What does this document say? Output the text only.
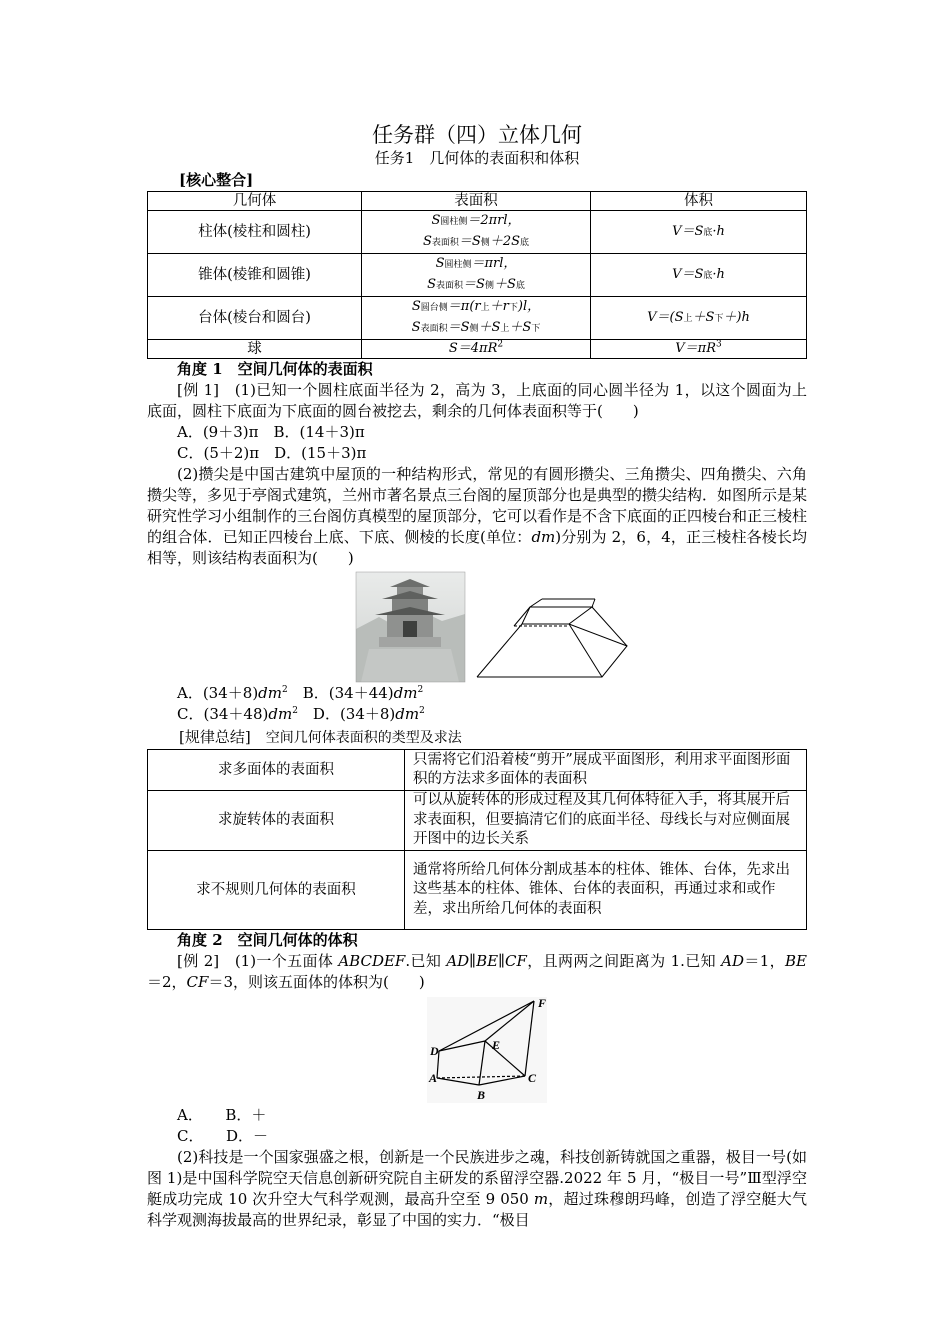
任务群（四）立体几何
任务1　几何体的表面积和体积
[核心整合]
几何体	表面积	体积
柱体(棱柱和圆柱)	S圆柱侧＝2πrl，
S表面积＝S侧＋2S底	V＝S底·h
锥体(棱锥和圆锥)	S圆柱侧＝πrl，
S表面积＝S侧＋S底	V＝S底·h
台体(棱台和圆台)	S圆台侧＝π(r上＋r下)l，
S表面积＝S侧＋S上＋S下	V＝(S上＋S下＋)h
球	$S=4\pi R^2$	$V=\pi R^3$
角度 1　空间几何体的表面积

[例 1]　 (1)已知一个圆柱底面半径为 2，高为 3，上底面的同心圆半径为 1，以这个圆面为上底面，圆柱下底面为下底面的圆台被挖去，剩余的几何体表面积等于(　　)

A．(9＋3)π　B．(14＋3)π
C．(5＋2)π　D．(15＋3)π

(2)攒尖是中国古建筑中屋顶的一种结构形式，常见的有圆形攒尖、三角攒尖、四角攒尖、六角攒尖等，多见于亭阁式建筑，兰州市著名景点三台阁的屋顶部分也是典型的攒尖结构．如图所示是某研究性学习小组制作的三台阁仿真模型的屋顶部分，它可以看作是不含下底面的正四棱台和正三棱柱的组合体．已知正四棱台上底、下底、侧棱的长度(单位：dm)分别为 2，6，4，正三棱柱各棱长均相等，则该结构表面积为(　　)

A．$(34+8)dm^2$　B．$(34+44)dm^2$
C．$(34+48)dm^2$　D．$(34+8)dm^2$
[规律总结]　 空间几何体表面积的类型及求法
求多面体的表面积	只需将它们沿着棱“剪开”展成平面图形，利用求平面图形面积的方法求多面体的表面积
求旋转体的表面积	可以从旋转体的形成过程及其几何体特征入手，将其展开后求表面积，但要搞清它们的底面半径、母线长与对应侧面展开图中的边长关系
求不规则几何体的表面积	通常将所给几何体分割成基本的柱体、锥体、台体，先求出这些基本的柱体、锥体、台体的表面积，再通过求和或作差，求出所给几何体的表面积
角度 2　空间几何体的体积

[例 2]　 (1)一个五面体 ABCDEF.已知 AD∥BE∥CF，且两两之间距离为 1.已知 AD＝1，BE＝2，CF＝3，则该五面体的体积为(　　)

F
D	E
A	C
B
A．　　B．＋
C．　　D．－

(2)科技是一个国家强盛之根，创新是一个民族进步之魂，科技创新铸就国之重器，极目一号(如图 1)是中国科学院空天信息创新研究院自主研发的系留浮空器.2022 年 5 月，“极目一号”Ⅲ型浮空艇成功完成 10 次升空大气科学观测，最高升空至 9 050 m，超过珠穆朗玛峰，创造了浮空艇大气科学观测海拔最高的世界纪录，彰显了中国的实力．“极目
